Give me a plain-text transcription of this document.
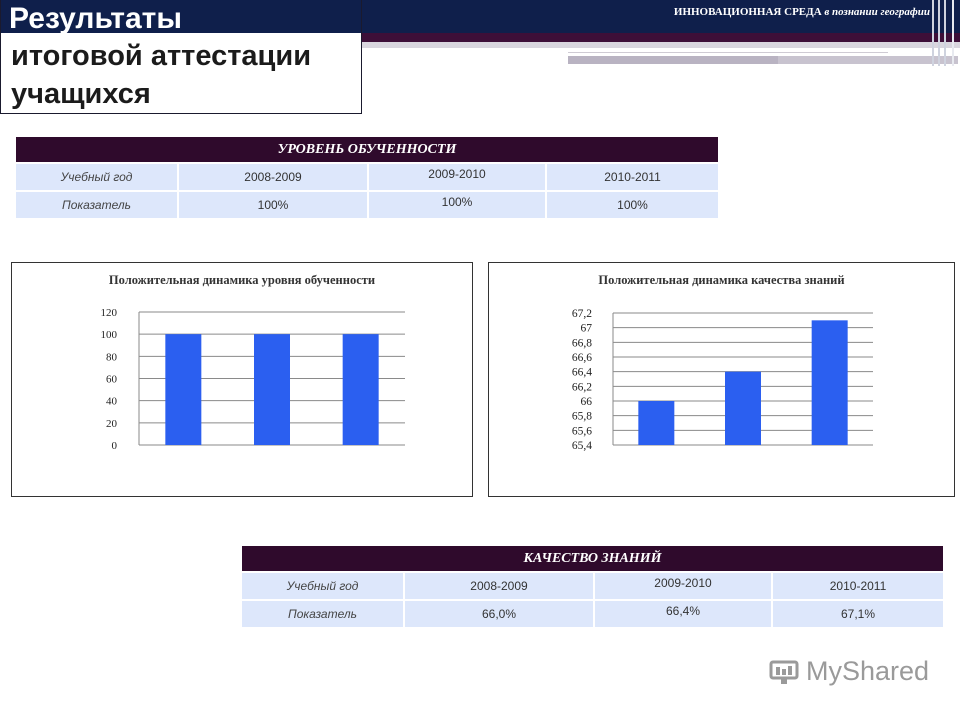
Результаты
итоговой аттестации
учащихся
ИННОВАЦИОННАЯ СРЕДА в познании географии
УРОВЕНЬ ОБУЧЕННОСТИ			
Учебный год	2008-2009	2009-2010	2010-2011
Показатель	100%	100%	100%
Положительная динамика уровня обученности
0
20
40
60
80
100
120
Положительная динамика качества знаний
65,4
65,6
65,8
66
66,2
66,4
66,6
66,8
67
67,2
КАЧЕСТВО ЗНАНИЙ			
Учебный год	2008-2009	2009-2010	2010-2011
Показатель	66,0%	66,4%	67,1%
MyShared
